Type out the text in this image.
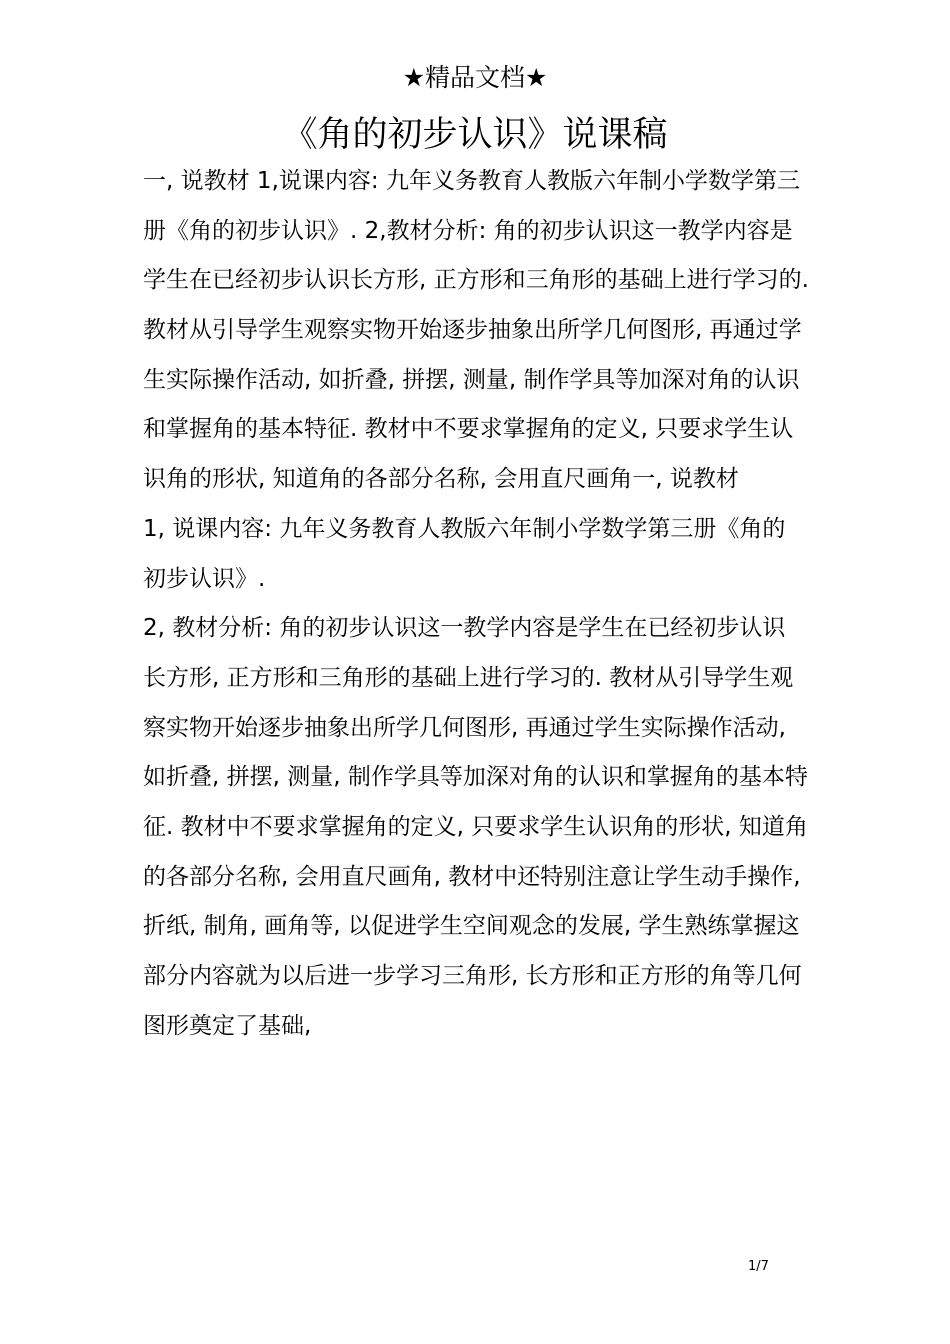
★精品文档★
《角的初步认识》说课稿
一, 说教材 1,说课内容: 九年义务教育人教版六年制小学数学第三
册《角的初步认识》. 2,教材分析: 角的初步认识这一教学内容是
学生在已经初步认识长方形, 正方形和三角形的基础上进行学习的.
教材从引导学生观察实物开始逐步抽象出所学几何图形, 再通过学
生实际操作活动, 如折叠, 拼摆, 测量, 制作学具等加深对角的认识
和掌握角的基本特征. 教材中不要求掌握角的定义, 只要求学生认
识角的形状, 知道角的各部分名称, 会用直尺画角一, 说教材
1, 说课内容: 九年义务教育人教版六年制小学数学第三册《角的
初步认识》.
2, 教材分析: 角的初步认识这一教学内容是学生在已经初步认识
长方形, 正方形和三角形的基础上进行学习的. 教材从引导学生观
察实物开始逐步抽象出所学几何图形, 再通过学生实际操作活动,
如折叠, 拼摆, 测量, 制作学具等加深对角的认识和掌握角的基本特
征. 教材中不要求掌握角的定义, 只要求学生认识角的形状, 知道角
的各部分名称, 会用直尺画角, 教材中还特别注意让学生动手操作,
折纸, 制角, 画角等, 以促进学生空间观念的发展, 学生熟练掌握这
部分内容就为以后进一步学习三角形, 长方形和正方形的角等几何
图形奠定了基础,
1/7
